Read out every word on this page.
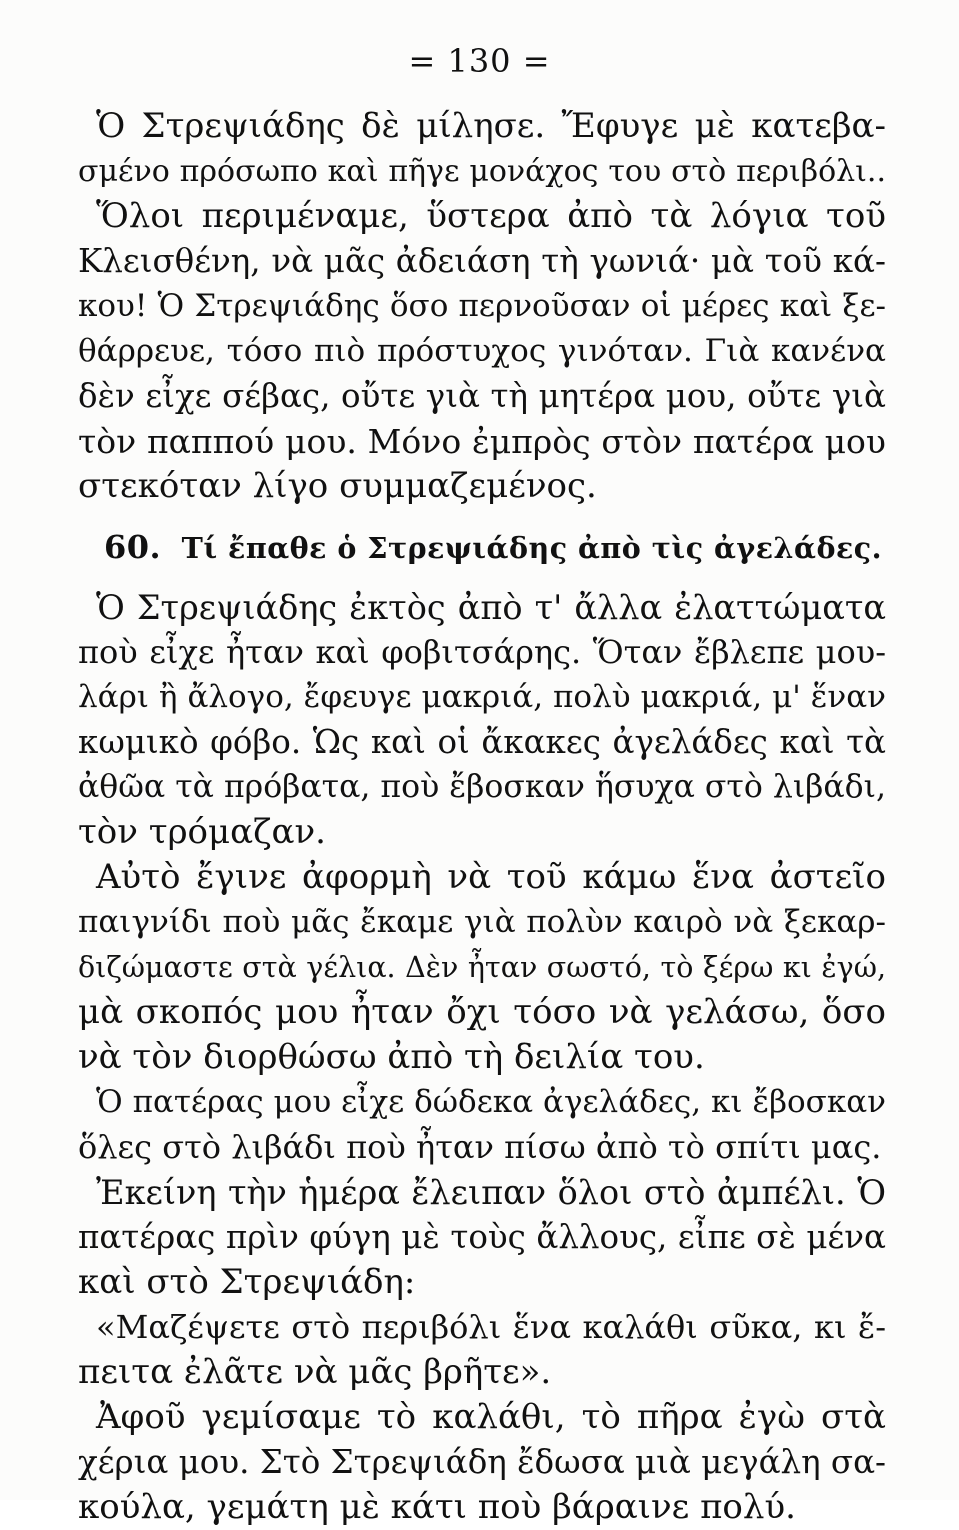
= 130 =
Ὁ Στρεψιάδης δὲ μίλησε. Ἔφυγε μὲ κατεβα-
σμένο πρόσωπο καὶ πῆγε μονάχος του στὸ περιβόλι..
Ὅλοι περιμέναμε, ὕστερα ἀπὸ τὰ λόγια τοῦ
Κλεισθένη, νὰ μᾶς ἀδειάση τὴ γωνιά· μὰ τοῦ κά-
κου! Ὁ Στρεψιάδης ὅσο περνοῦσαν οἱ μέρες καὶ ξε-
θάρρευε, τόσο πιὸ πρόστυχος γινόταν. Γιὰ κανένα
δὲν εἶχε σέβας, οὔτε γιὰ τὴ μητέρα μου, οὔτε γιὰ
τὸν παππού μου. Μόνο ἐμπρὸς στὸν πατέρα μου
στεκόταν λίγο συμμαζεμένος.
60. Τί ἔπαθε ὁ Στρεψιάδης ἀπὸ τὶς ἀγελάδες.
Ὁ Στρεψιάδης ἐκτὸς ἀπὸ τ' ἄλλα ἐλαττώματα
ποὺ εἶχε ἦταν καὶ φοβιτσάρης. Ὅταν ἔβλεπε μου-
λάρι ἢ ἄλογο, ἔφευγε μακριά, πολὺ μακριά, μ' ἕναν
κωμικὸ φόβο. Ὡς καὶ οἱ ἄκακες ἀγελάδες καὶ τὰ
ἀθῶα τὰ πρόβατα, ποὺ ἔβοσκαν ἥσυχα στὸ λιβάδι,
τὸν τρόμαζαν.
Αὐτὸ ἔγινε ἀφορμὴ νὰ τοῦ κάμω ἕνα ἀστεῖο
παιγνίδι ποὺ μᾶς ἔκαμε γιὰ πολὺν καιρὸ νὰ ξεκαρ-
διζώμαστε στὰ γέλια. Δὲν ἦταν σωστό, τὸ ξέρω κι ἐγώ,
μὰ σκοπός μου ἦταν ὄχι τόσο νὰ γελάσω, ὅσο
νὰ τὸν διορθώσω ἀπὸ τὴ δειλία του.
Ὁ πατέρας μου εἶχε δώδεκα ἀγελάδες, κι ἔβοσκαν
ὅλες στὸ λιβάδι ποὺ ἦταν πίσω ἀπὸ τὸ σπίτι μας.
Ἐκείνη τὴν ἡμέρα ἔλειπαν ὅλοι στὸ ἀμπέλι. Ὁ
πατέρας πρὶν φύγη μὲ τοὺς ἄλλους, εἶπε σὲ μένα
καὶ στὸ Στρεψιάδη:
«Μαζέψετε στὸ περιβόλι ἕνα καλάθι σῦκα, κι ἔ-
πειτα ἐλᾶτε νὰ μᾶς βρῆτε».
Ἀφοῦ γεμίσαμε τὸ καλάθι, τὸ πῆρα ἐγὼ στὰ
χέρια μου. Στὸ Στρεψιάδη ἔδωσα μιὰ μεγάλη σα-
κούλα, γεμάτη μὲ κάτι ποὺ βάραινε πολύ.
